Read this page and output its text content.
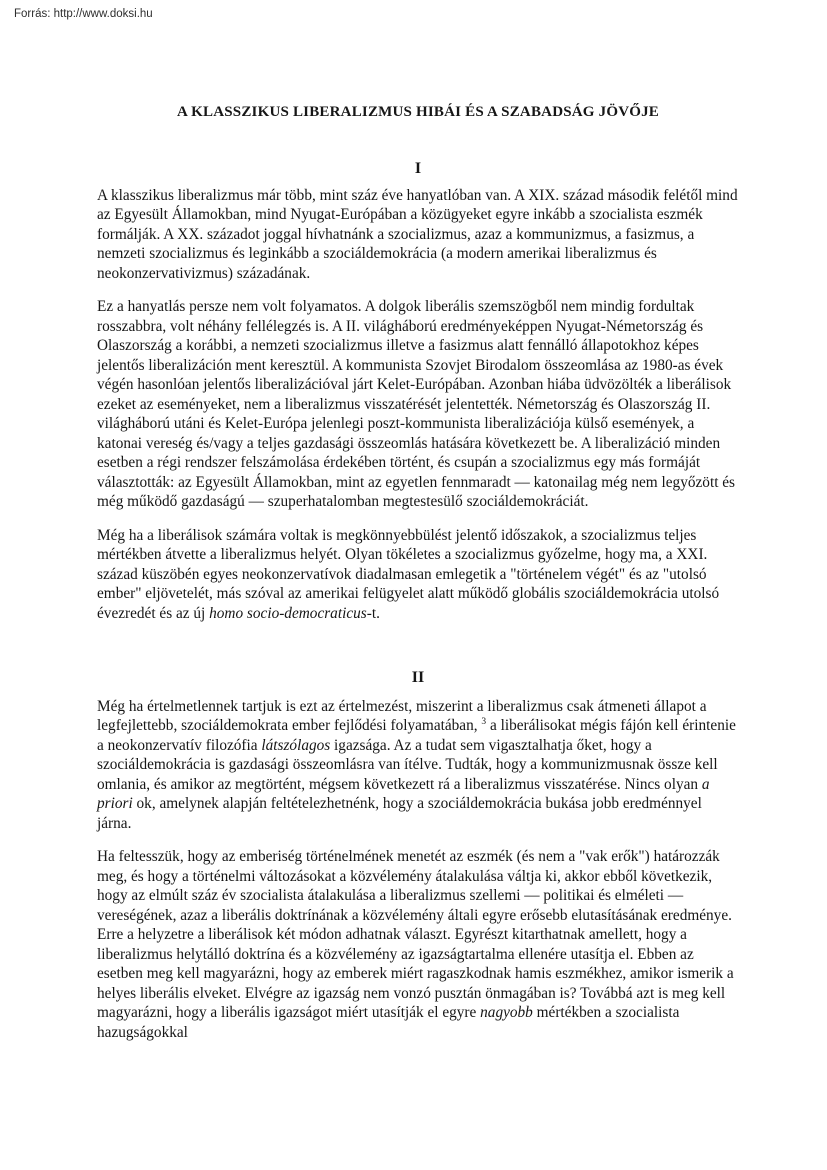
Forrás: http://www.doksi.hu
A KLASSZIKUS LIBERALIZMUS HIBÁI ÉS A SZABADSÁG JÖVŐJE
I

A klasszikus liberalizmus már több, mint száz éve hanyatlóban van. A XIX. század második felétől mind az Egyesült Államokban, mind Nyugat-Európában a közügyeket egyre inkább a szocialista eszmék formálják. A XX. századot joggal hívhatnánk a szocializmus, azaz a kommunizmus, a fasizmus, a nemzeti szocializmus és leginkább a szociáldemokrácia (a modern amerikai liberalizmus és neokonzervativizmus) századának.

Ez a hanyatlás persze nem volt folyamatos. A dolgok liberális szemszögből nem mindig fordultak rosszabbra, volt néhány fellélegzés is. A II. világháború eredményeképpen Nyugat-Németország és Olaszország a korábbi, a nemzeti szocializmus illetve a fasizmus alatt fennálló állapotokhoz képes jelentős liberalizáción ment keresztül. A kommunista Szovjet Birodalom összeomlása az 1980-as évek végén hasonlóan jelentős liberalizációval járt Kelet-Európában. Azonban hiába üdvözölték a liberálisok ezeket az eseményeket, nem a liberalizmus visszatérését jelentették. Németország és Olaszország II. világháború utáni és Kelet-Európa jelenlegi poszt-kommunista liberalizációja külső események, a katonai vereség és/vagy a teljes gazdasági összeomlás hatására következett be. A liberalizáció minden esetben a régi rendszer felszámolása érdekében történt, és csupán a szocializmus egy más formáját választották: az Egyesült Államokban, mint az egyetlen fennmaradt — katonailag még nem legyőzött és még működő gazdaságú — szuperhatalomban megtestesülő szociáldemokráciát.

Még ha a liberálisok számára voltak is megkönnyebbülést jelentő időszakok, a szocializmus teljes mértékben átvette a liberalizmus helyét. Olyan tökéletes a szocializmus győzelme, hogy ma, a XXI. század küszöbén egyes neokonzervatívok diadalmasan emlegetik a "történelem végét" és az "utolsó ember" eljövetelét, más szóval az amerikai felügyelet alatt működő globális szociáldemokrácia utolsó évezredét és az új homo socio-democraticus-t.

II

Még ha értelmetlennek tartjuk is ezt az értelmezést, miszerint a liberalizmus csak átmeneti állapot a legfejlettebb, szociáldemokrata ember fejlődési folyamatában, $^3$ a liberálisokat mégis fájón kell érintenie a neokonzervatív filozófia látszólagos igazsága. Az a tudat sem vigasztalhatja őket, hogy a szociáldemokrácia is gazdasági összeomlásra van ítélve. Tudták, hogy a kommunizmusnak össze kell omlania, és amikor az megtörtént, mégsem következett rá a liberalizmus visszatérése. Nincs olyan a priori ok, amelynek alapján feltételezhetnénk, hogy a szociáldemokrácia bukása jobb eredménnyel járna.

Ha feltesszük, hogy az emberiség történelmének menetét az eszmék (és nem a "vak erők") határozzák meg, és hogy a történelmi változásokat a közvélemény átalakulása váltja ki, akkor ebből következik, hogy az elmúlt száz év szocialista átalakulása a liberalizmus szellemi — politikai és elméleti — vereségének, azaz a liberális doktrínának a közvélemény általi egyre erősebb elutasításának eredménye. Erre a helyzetre a liberálisok két módon adhatnak választ. Egyrészt kitarthatnak amellett, hogy a liberalizmus helytálló doktrína és a közvélemény az igazságtartalma ellenére utasítja el. Ebben az esetben meg kell magyarázni, hogy az emberek miért ragaszkodnak hamis eszmékhez, amikor ismerik a helyes liberális elveket. Elvégre az igazság nem vonzó pusztán önmagában is? Továbbá azt is meg kell magyarázni, hogy a liberális igazságot miért utasítják el egyre nagyobb mértékben a szocialista hazugságokkal
